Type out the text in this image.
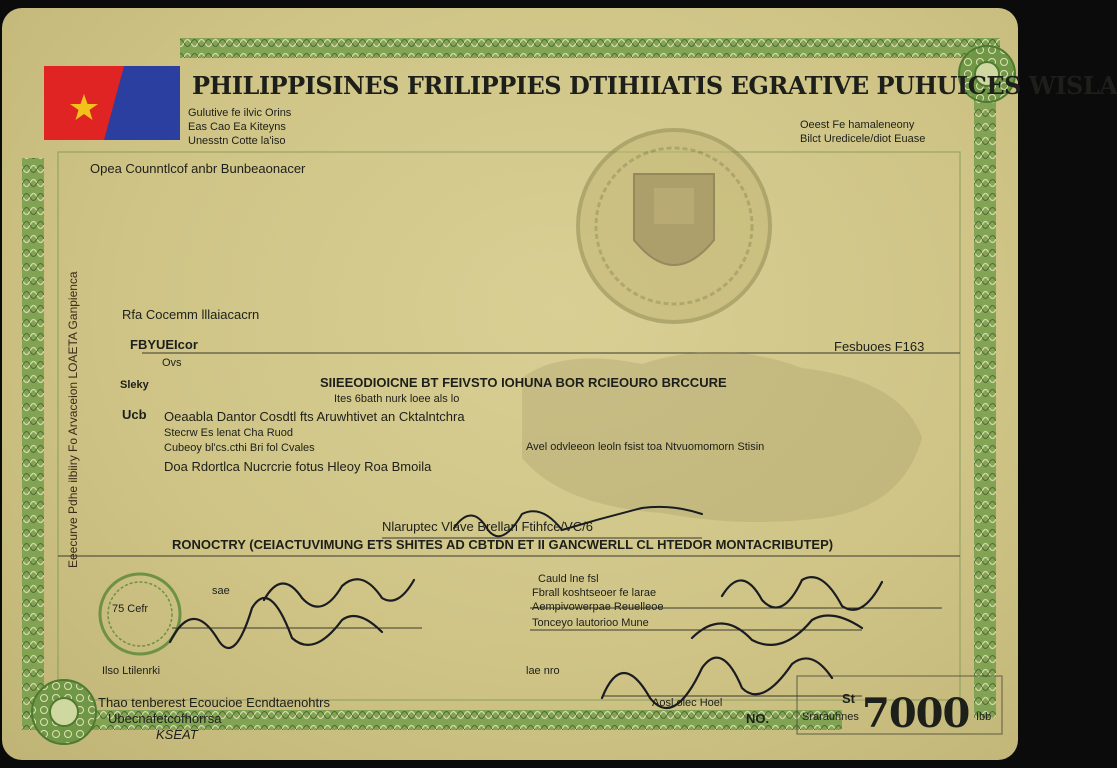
PHILIPPISINES FRILIPPIES DTIHIIATIS EGRATIVE PUHUICES WISLA
Gulutive fe ilvic Orins
Eas Cao Ea Kiteyns
Unesstn Cotte la'iso
Oeest Fe hamaleneony
Bilct Uredicele/diot Euase
Opea Counntlcof anbr Bunbeaonacer
Eeecurve Pdhe ilbiiry Fo Arvaceion LOAETA Ganpienca	Rfa Cocemm lllaiacacrn
FBYUEIcor
Ovs
Fesbuoes F163
Sleky
Ucb
SIIEEODIOICNE BT FEIVSTO IOHUNA BOR RCIEOURO BRCCURE
Ites 6bath nurk loee als lo
Oeaabla Dantor Cosdtl fts Aruwhtivet an Cktalntchra
Stecrw Es lenat Cha Ruod
Cubeoy bl'cs.cthi Bri fol Cvales
Doa Rdortlca Nucrcrie fotus Hleoy Roa Bmoila
Avel odvleeon leoln fsist toa Ntvuomomorn Stisin
Nlaruptec Vlave Brellan Ftihfce/VC/6
RONOCTRY (CEIACTUVIMUNG ETS SHITES AD CBTDN ET II GANCWERLL CL HTEDOR MONTACRIBUTEP)
sae
75 Cefr
Ilso Ltilenrki
Cauld lne fsl
Fbrall koshtseoer fe larae
Aempivowerpae Reuelleoe
Tonceyo lautorioo Mune
lae nro
Aosl olec Hoel
NO.
Thao tenberest Ecoucioe Ecndtaenohtrs
Ubecnafetcofhorrsa
KSEAT
St
Srarauhnes 7000 Ibb
